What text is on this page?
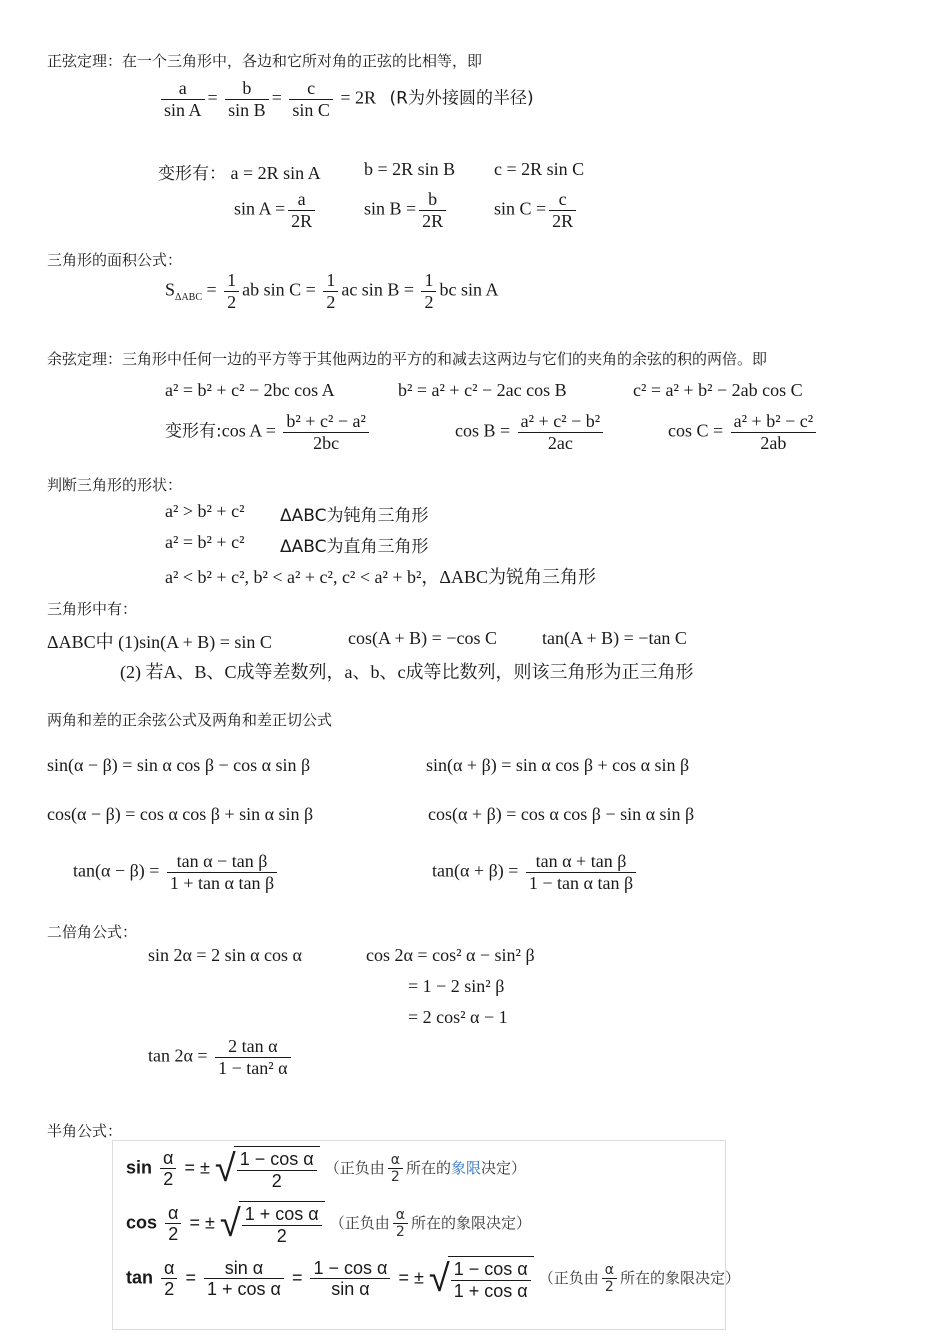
正弦定理：在一个三角形中，各边和它所对角的正弦的比相等，即
$\frac{a}{\text{sin A}} = \frac{b}{\text{sin B}} = \frac{c}{\text{sin C}} = 2R$ (R为外接圆的半径)
变形有： a = 2R sin A b = 2R sin B c = 2R sin C
$\sin A = \frac{a}{2R}$	$\sin B = \frac{b}{2R}$	$\sin C = \frac{c}{2R}$
三角形的面积公式：
$S_{\Delta ABC} = \frac{1}{2}$ ab $\sin C = \frac{1}{2}$ ac $\sin B = \frac{1}{2}$ bc sin A
余弦定理：三角形中任何一边的平方等于其他两边的平方的和减去这两边与它们的夹角的余弦的积的两倍。即
a² = b² + c² − 2bc cos A	b² = a² + c² − 2ac cos B	c² = a² + b² − 2ab cos C
变形有:cos $A = \frac{\text{b² + c² − a²}}{2bc}$	$\cos B = \frac{\text{a² + c² − b²}}{2ac}$	$\cos C = \frac{\text{a² + b² − c²}}{2ab}$
判断三角形的形状：
a² > b² + c² ΔABC为钝角三角形
a² = b² + c² ΔABC为直角三角形
a² < b² + c², b² < a² + c², c² < a² + b²，ΔABC为锐角三角形
三角形中有：
ΔABC中 (1)sin(A + B) = sin C	cos(A + B) = −cos C	tan(A + B) = −tan C
(2) 若A、B、C成等差数列，a、b、c成等比数列，则该三角形为正三角形
两角和差的正余弦公式及两角和差正切公式
sin(α − β) = sin α cos β − cos α sin β	sin(α + β) = sin α cos β + cos α sin β
cos(α − β) = cos α cos β + sin α sin β	cos(α + β) = cos α cos β − sin α sin β
$\tan(\alpha - \beta) = \frac{\text{tan α − tan β}}{\text{1 + tan α tan β}}$	$\tan(\alpha + \beta) = \frac{\text{tan α + tan β}}{\text{1 − tan α tan β}}$
二倍角公式：
sin 2α = 2 sin α cos α	cos 2α = cos² α − sin² β
= 1 − 2 sin² β
= 2 cos² α − 1
$\tan 2\alpha = \frac{\text{2 tan α}}{\text{1 − tan² α}}$
半角公式：
$\sin \frac{\alpha}{2}$ = ± √ $\frac{\text{1 − cos α}}{2}$ （正负由 $\frac{\alpha}{2}$ 所在的象限决定）
$\cos \frac{\alpha}{2}$ = ± √ $\frac{\text{1 + cos α}}{2}$ （正负由 $\frac{\alpha}{2}$ 所在的象限决定）
$\tan \frac{\alpha}{2} = \frac{\text{sin α}}{\text{1 + cos α}} = \frac{\text{1 − cos α}}{\text{sin α}}$ = ± √ $\frac{\text{1 − cos α}}{\text{1 + cos α}}$ （正负由 $\frac{\alpha}{2}$ 所在的象限决定）
